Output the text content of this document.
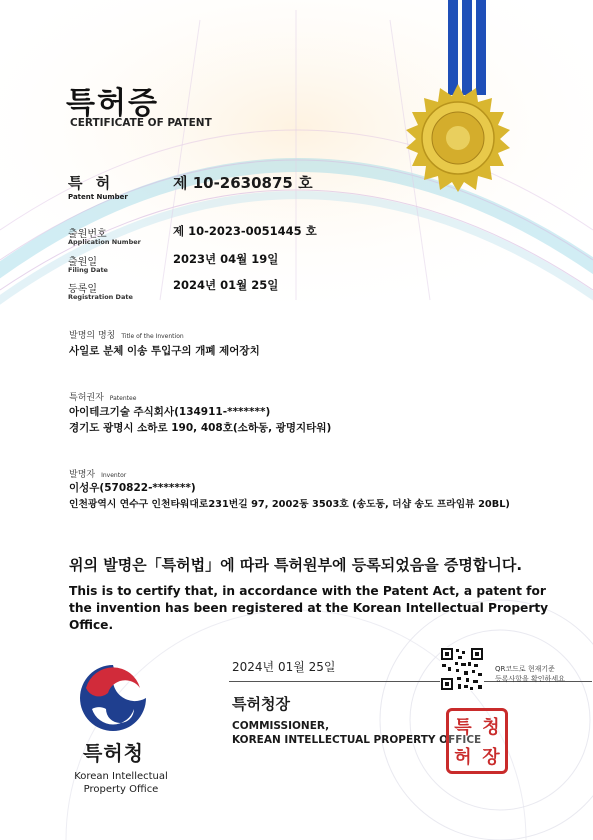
특허증
CERTIFICATE OF PATENT
특 허
Patent Number
제 10-2630875 호
출원번호
Application Number
제 10-2023-0051445 호
출원일
Filing Date
2023년 04월 19일
등록일
Registration Date
2024년 01월 25일
발명의 명칭 Title of the Invention
사일로 분체 이송 투입구의 개폐 제어장치
특허권자 Patentee
아이테크기술 주식회사(134911-*******)
경기도 광명시 소하로 190, 408호(소하동, 광명지타워)
발명자 Inventor
이성우(570822-*******)
인천광역시 연수구 인천타워대로231번길 97, 2002동 3503호 (송도동, 더샵 송도 프라임뷰 20BL)
위의 발명은「특허법」에 따라 특허원부에 등록되었음을 증명합니다.
This is to certify that, in accordance with the Patent Act, a patent for the invention has been registered at the Korean Intellectual Property Office.
특허청
Korean Intellectual
Property Office
2024년 01월 25일
특허청장
COMMISSIONER,
KOREAN INTELLECTUAL PROPERTY OFFICE
QR코드로 현재기준
등록사항을 확인하세요
특 청
허 장
